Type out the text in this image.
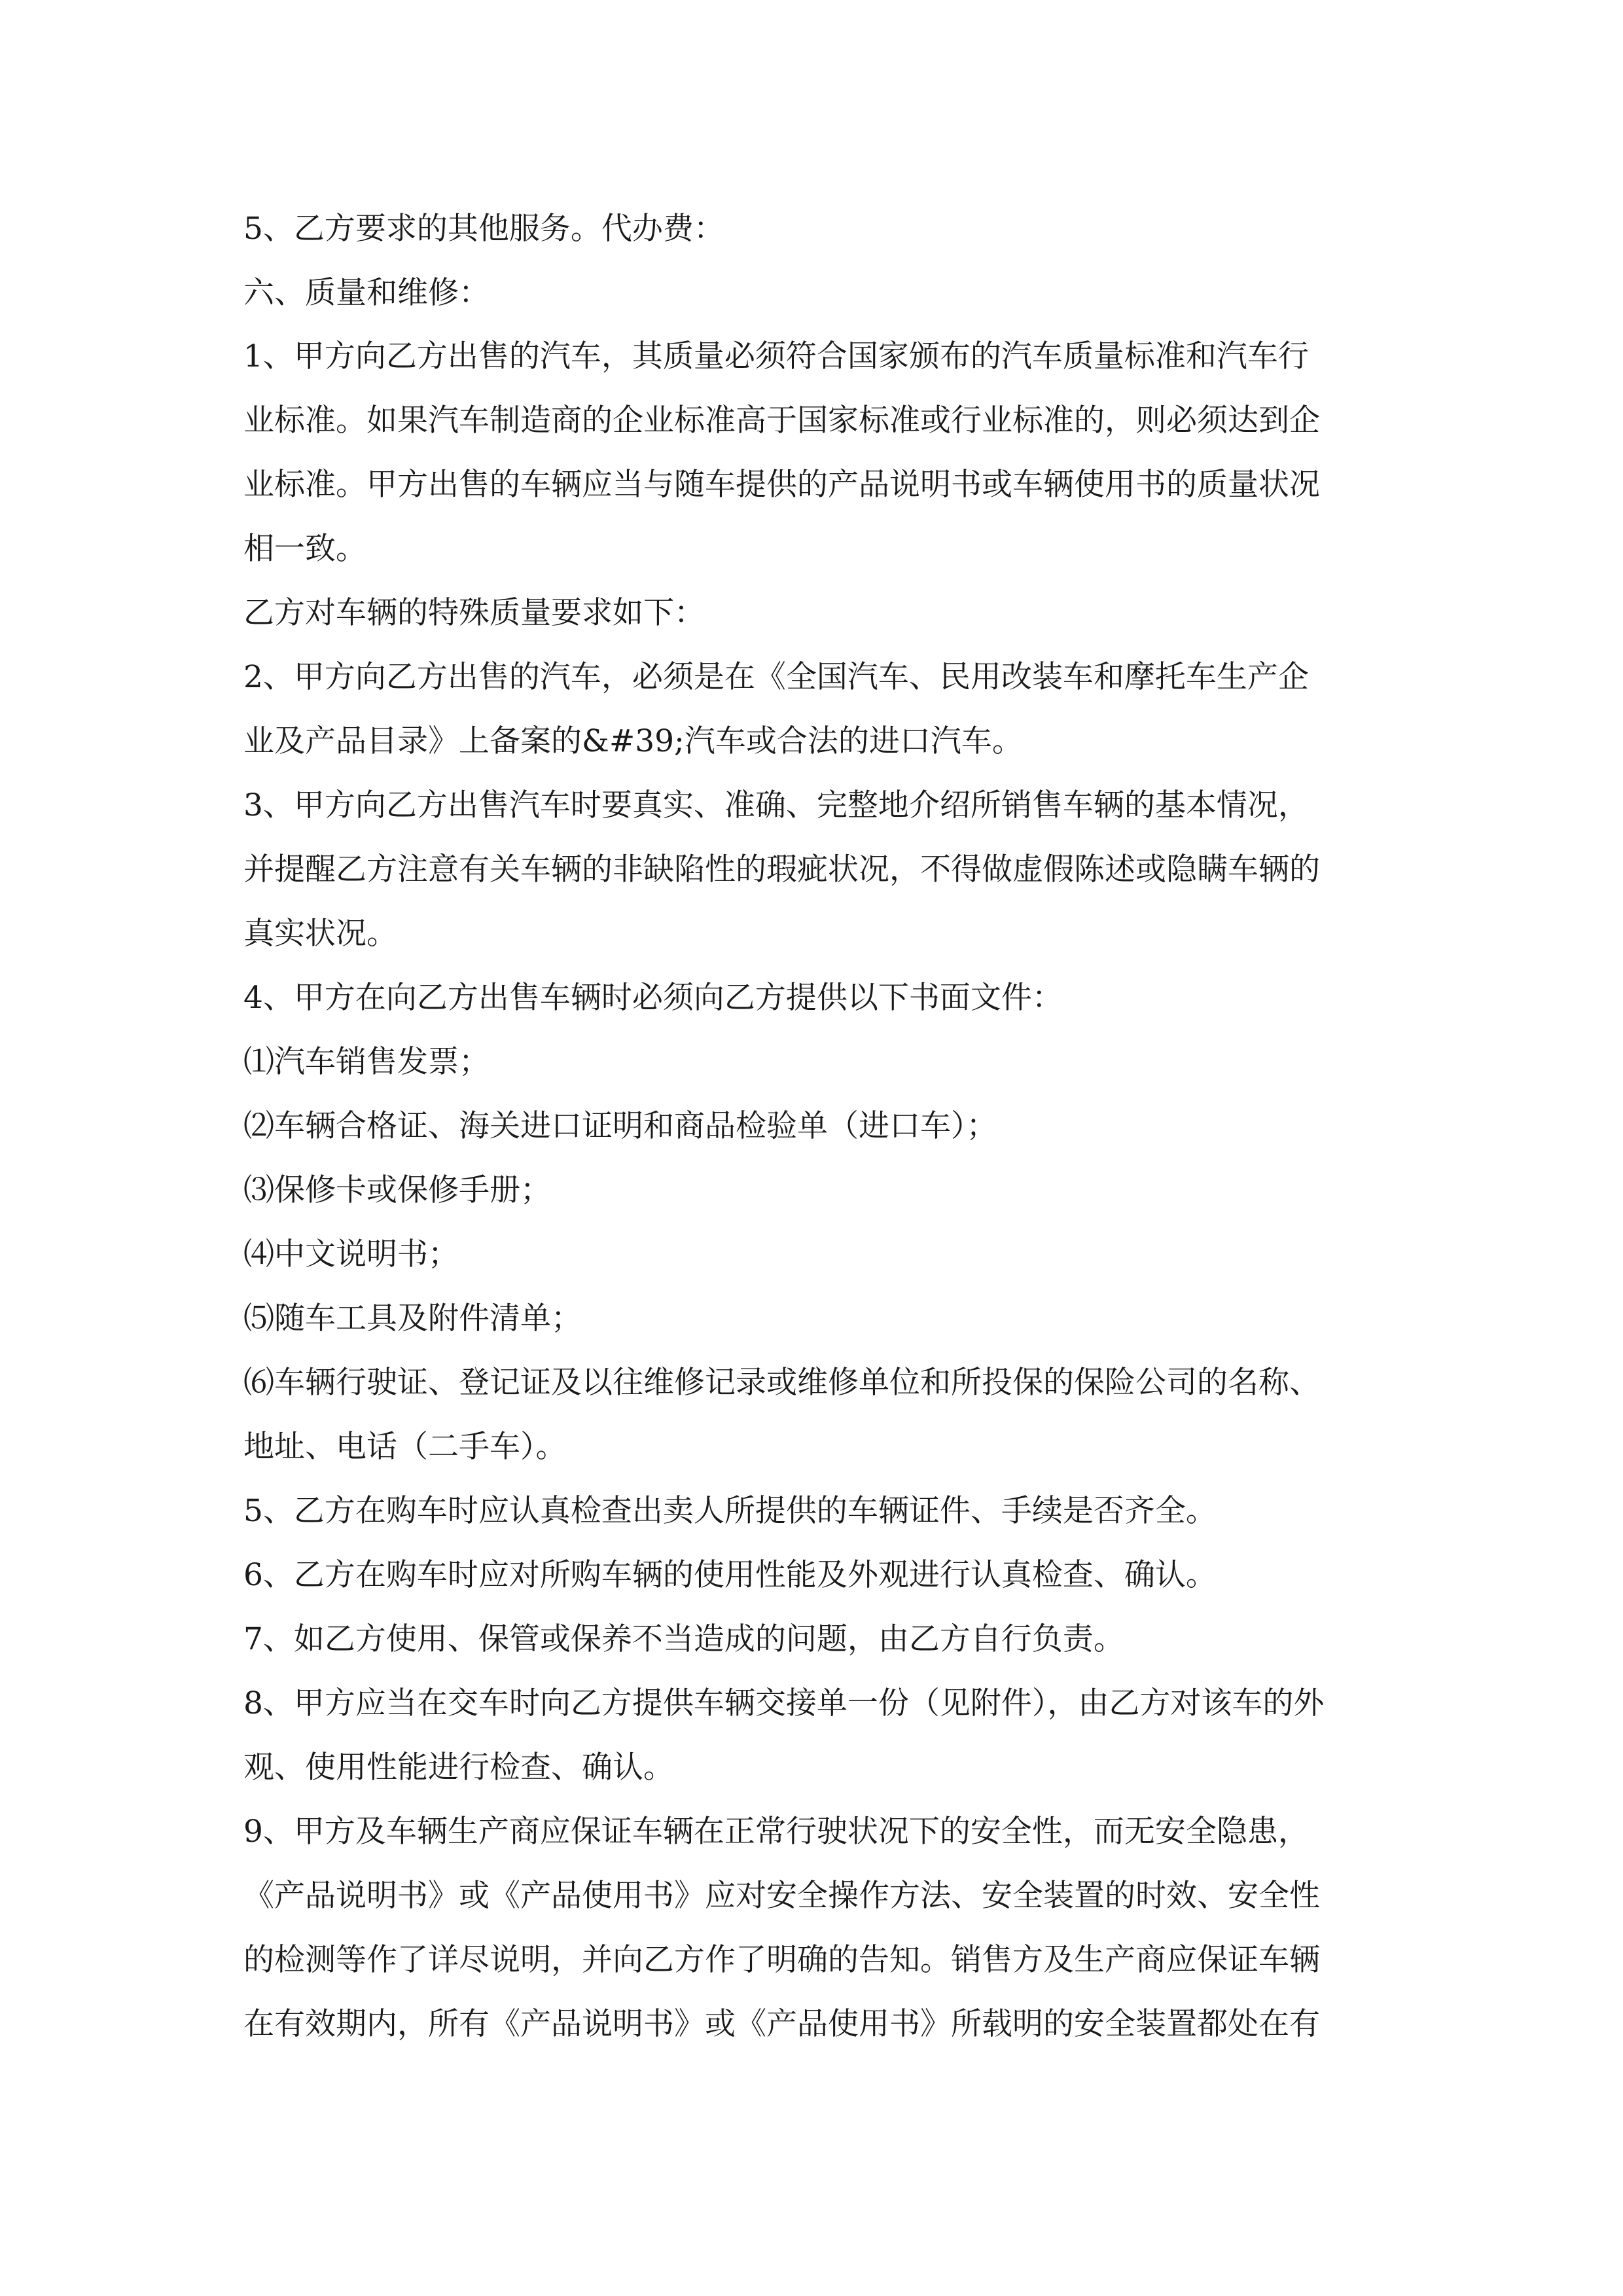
5、乙方要求的其他服务。代办费：
六、质量和维修：
1、甲方向乙方出售的汽车，其质量必须符合国家颁布的汽车质量标准和汽车行
业标准。如果汽车制造商的企业标准高于国家标准或行业标准的，则必须达到企
业标准。甲方出售的车辆应当与随车提供的产品说明书或车辆使用书的质量状况
相一致。
乙方对车辆的特殊质量要求如下：
2、甲方向乙方出售的汽车，必须是在《全国汽车、民用改装车和摩托车生产企
业及产品目录》上备案的&#39;汽车或合法的进口汽车。
3、甲方向乙方出售汽车时要真实、准确、完整地介绍所销售车辆的基本情况，
并提醒乙方注意有关车辆的非缺陷性的瑕疵状况，不得做虚假陈述或隐瞒车辆的
真实状况。
4、甲方在向乙方出售车辆时必须向乙方提供以下书面文件：
⑴汽车销售发票；
⑵车辆合格证、海关进口证明和商品检验单（进口车）；
⑶保修卡或保修手册；
⑷中文说明书；
⑸随车工具及附件清单；
⑹车辆行驶证、登记证及以往维修记录或维修单位和所投保的保险公司的名称、
地址、电话（二手车）。
5、乙方在购车时应认真检查出卖人所提供的车辆证件、手续是否齐全。
6、乙方在购车时应对所购车辆的使用性能及外观进行认真检查、确认。
7、如乙方使用、保管或保养不当造成的问题，由乙方自行负责。
8、甲方应当在交车时向乙方提供车辆交接单一份（见附件），由乙方对该车的外
观、使用性能进行检查、确认。
9、甲方及车辆生产商应保证车辆在正常行驶状况下的安全性，而无安全隐患，
《产品说明书》或《产品使用书》应对安全操作方法、安全装置的时效、安全性
的检测等作了详尽说明，并向乙方作了明确的告知。销售方及生产商应保证车辆
在有效期内，所有《产品说明书》或《产品使用书》所载明的安全装置都处在有
